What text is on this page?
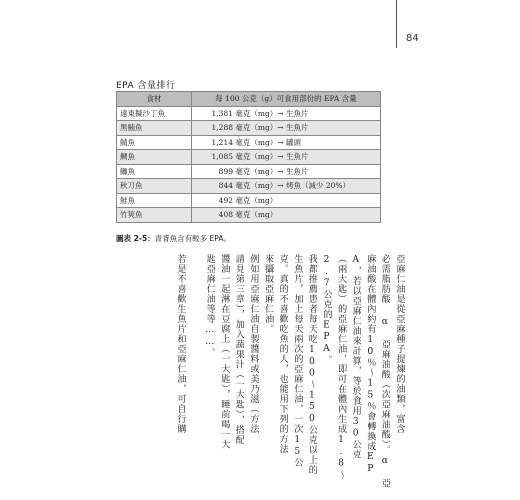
84
EPA 含量排行
食材	每 100 公克（g）可食用部份的 EPA 含量
遠東擬沙丁魚	1,381 毫克（mg）→ 生魚片
黑鮪魚	1,288 毫克（mg）→ 生魚片
鯖魚	1,214 毫克（mg）→ 罐頭
鯛魚	1,085 毫克（mg）→ 生魚片
鰤魚	899 毫克（mg）→ 生魚片
秋刀魚	844 毫克（mg）→ 烤魚（減少 20%）
鮭魚	492 毫克（mg）
竹筴魚	408 毫克（mg）
圖表 2-5：青背魚含有較多 EPA。
亞麻仁油是從亞麻種子提煉的油類，富含
必需脂肪酸 α 亞麻油酸（次亞麻油酸）。α 亞
麻油酸在體內約有10％～15％會轉換成EP
A，若以亞麻仁油來計算，等於食用30公克
（兩大匙）的亞麻仁油，即可在體內生成1.8～
2.7公克的EPA。
我都推薦患者每天吃100～150公克以上的
生魚片，加上每天兩次的亞麻仁油，一次15公
克。真的不喜歡吃魚的人，也能用下列的方法
來攝取亞麻仁油。
例如用亞麻仁油自製醬料或美乃滋（方法
請見第三章），加入蔬果汁（一大匙），搭配
醬油一起淋在豆腐上（一大匙），睡前喝一大
匙亞麻仁油等等……。
若是不喜歡生魚片和亞麻仁油，可自行購
